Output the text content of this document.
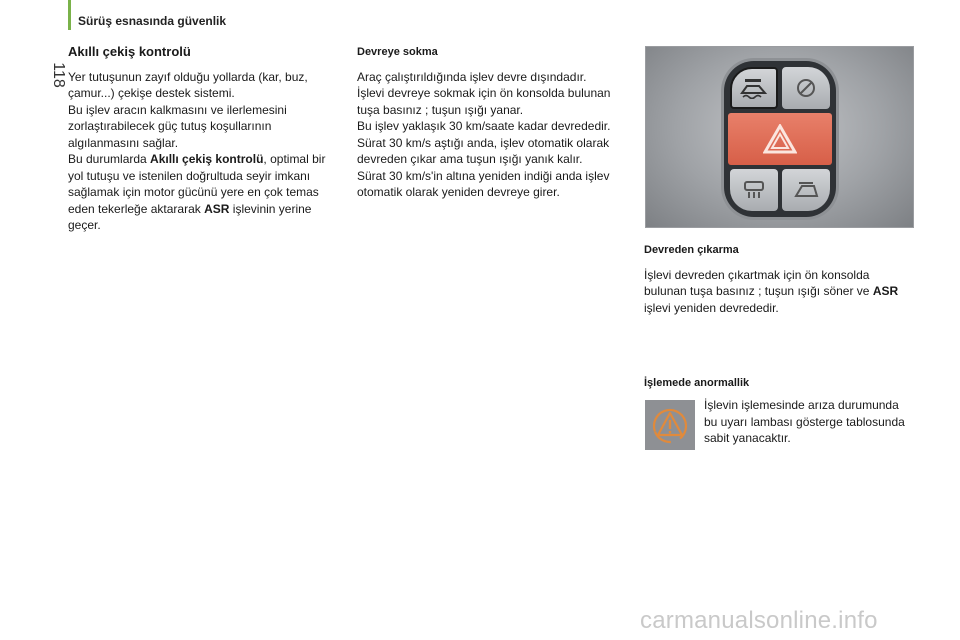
Sürüş esnasında güvenlik
118
Akıllı çekiş kontrolü

Yer tutuşunun zayıf olduğu yollarda (kar, buz, çamur...) çekişe destek sistemi.

Bu işlev aracın kalkmasını ve ilerlemesini zorlaştırabilecek güç tutuş koşullarının algılanmasını sağlar.

Bu durumlarda Akıllı çekiş kontrolü, optimal bir yol tutuşu ve istenilen doğrultuda seyir imkanı sağlamak için motor gücünü yere en çok temas eden tekerleğe aktararak ASR işlevinin yerine geçer.

Devreye sokma

Araç çalıştırıldığında işlev devre dışındadır.

İşlevi devreye sokmak için ön konsolda bulunan tuşa basınız ; tuşun ışığı yanar.

Bu işlev yaklaşık 30 km/saate kadar devrededir.

Sürat 30 km/s aştığı anda, işlev otomatik olarak devreden çıkar ama tuşun ışığı yanık kalır.

Sürat 30 km/s'in altına yeniden indiği anda işlev otomatik olarak yeniden devreye girer.

Devreden çıkarma

İşlevi devreden çıkartmak için ön konsolda bulunan tuşa basınız ; tuşun ışığı söner ve ASR işlevi yeniden devrededir.

İşlemede anormallik

İşlevin işlemesinde arıza durumunda bu uyarı lambası gösterge tablosunda sabit yanacaktır.

carmanualsonline.info
